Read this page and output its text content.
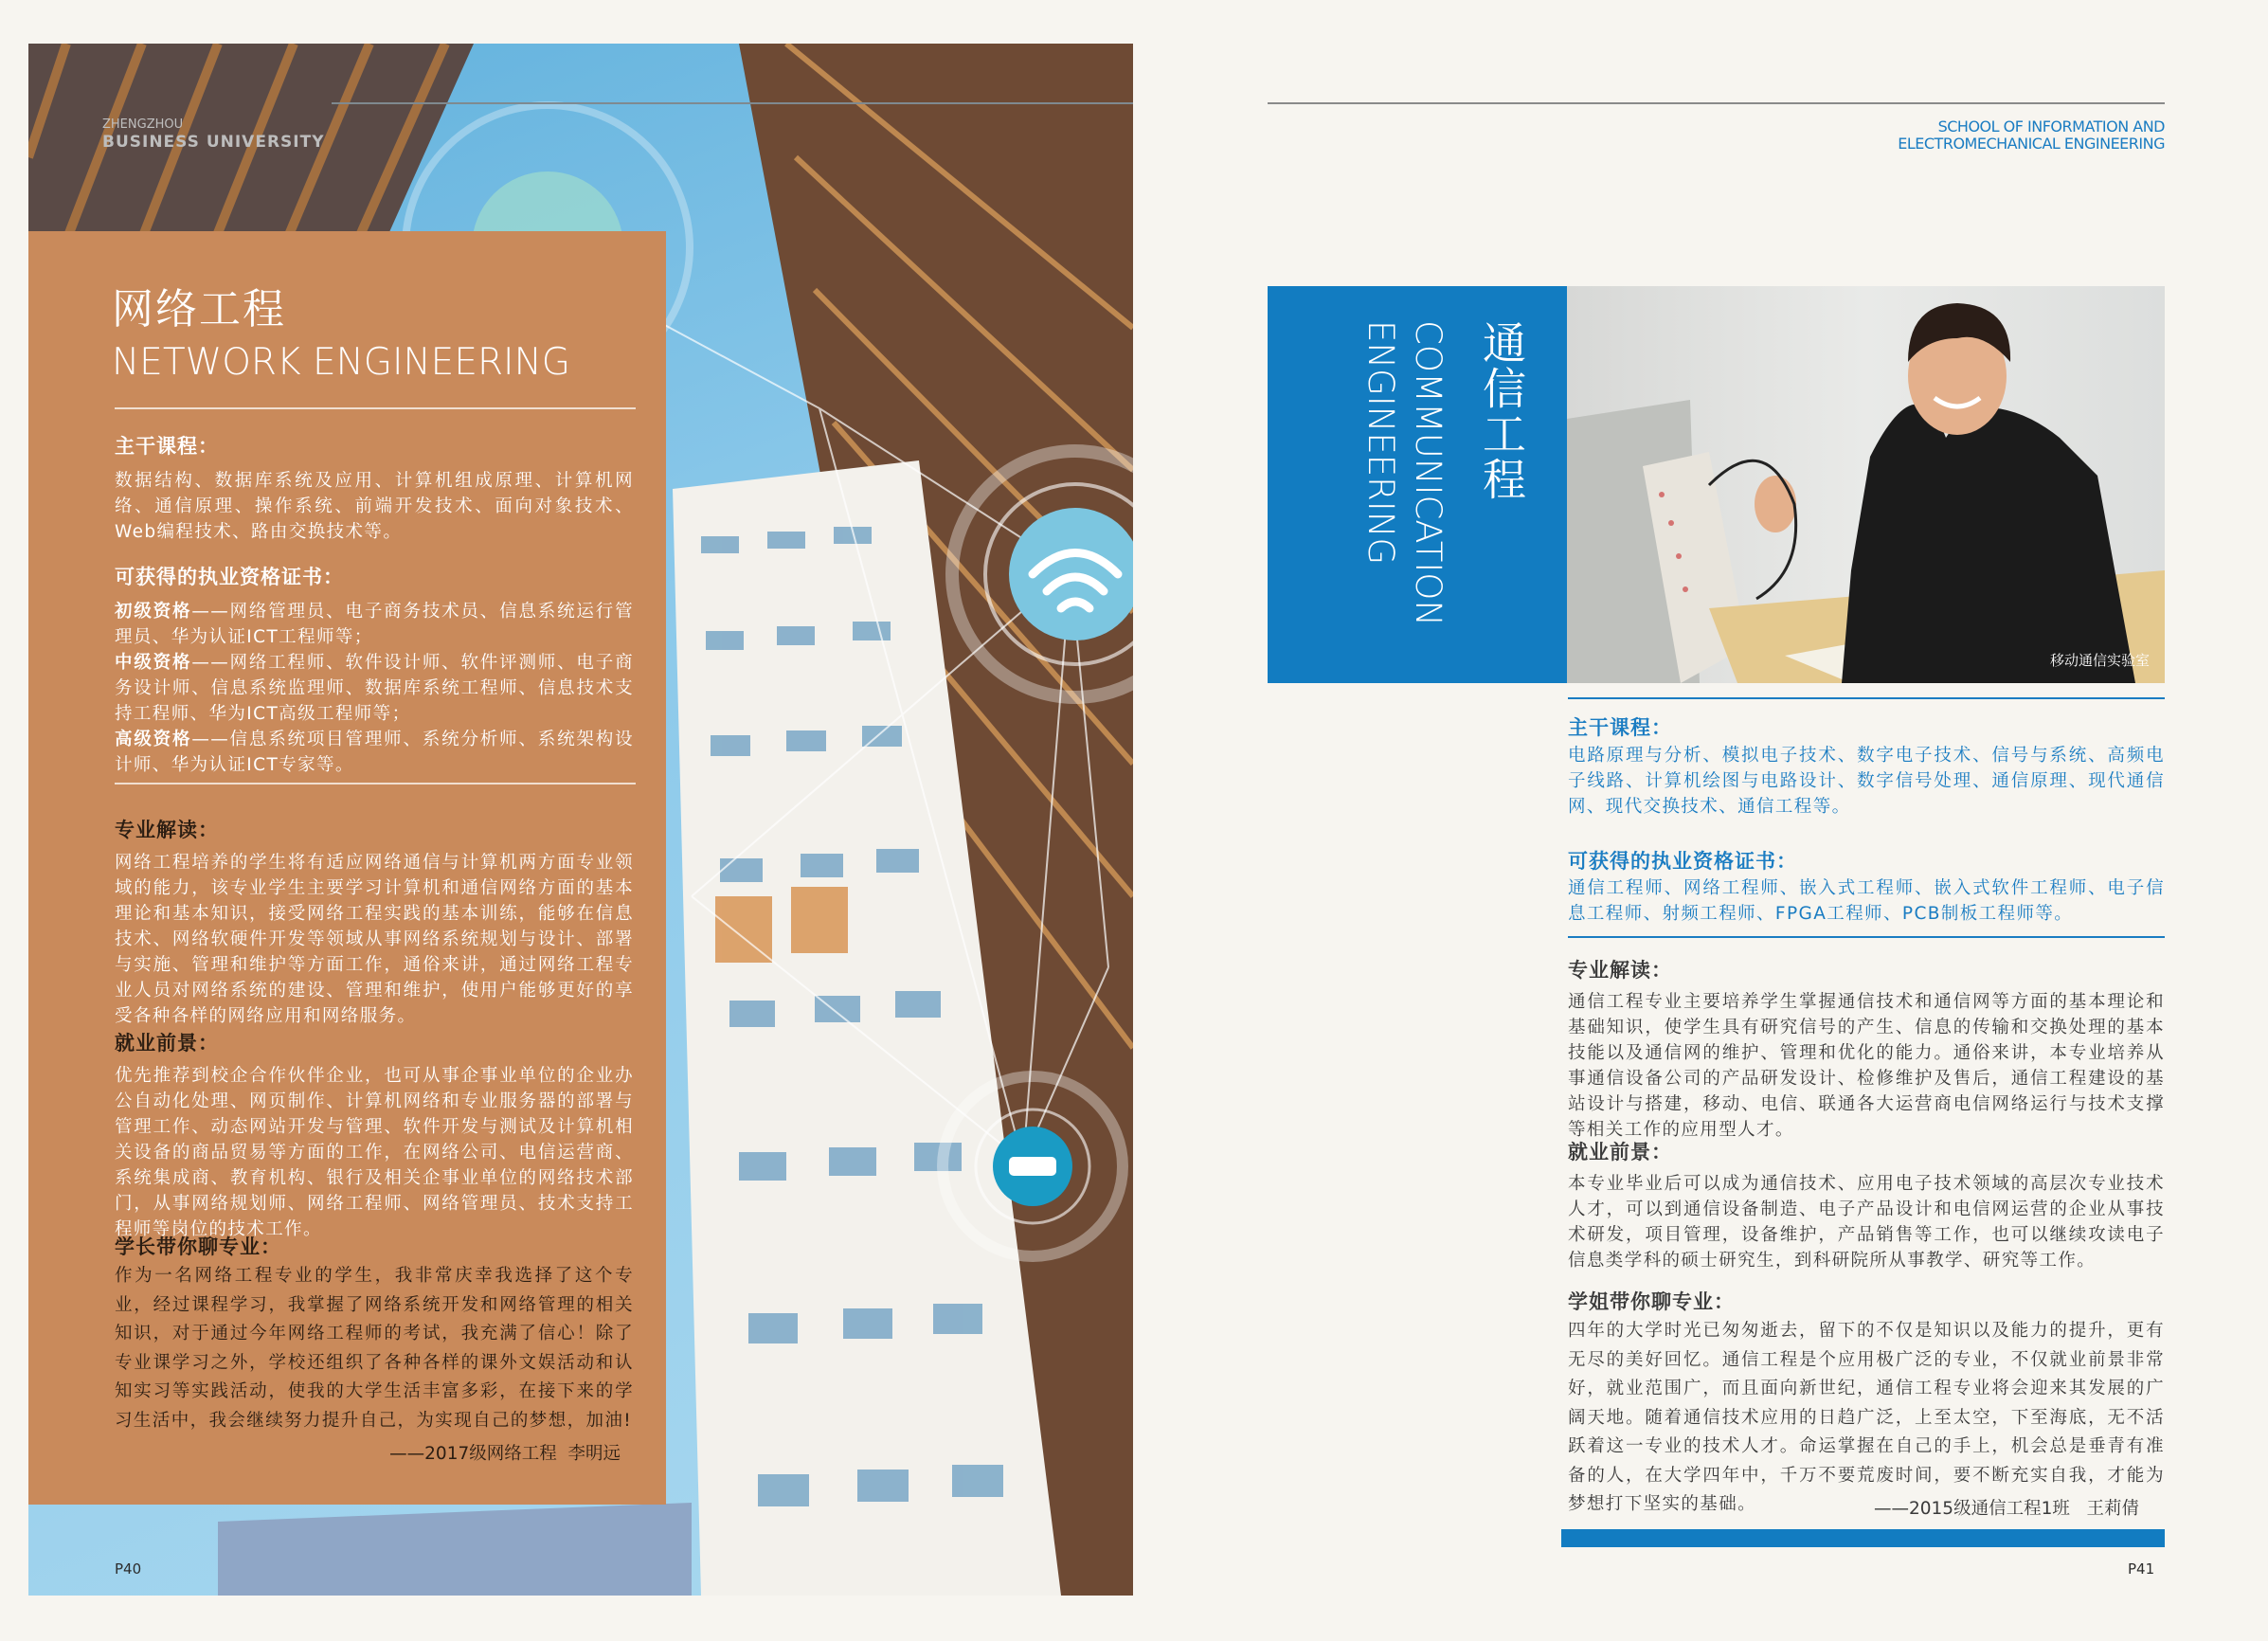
ZHENGZHOU
BUSINESS UNIVERSITY
网络工程
NETWORK ENGINEERING
主干课程：
数据结构、数据库系统及应用、计算机组成原理、计算机网络、通信原理、操作系统、前端开发技术、面向对象技术、Web编程技术、路由交换技术等。
可获得的执业资格证书：
初级资格——网络管理员、电子商务技术员、信息系统运行管理员、华为认证ICT工程师等；
中级资格——网络工程师、软件设计师、软件评测师、电子商务设计师、信息系统监理师、数据库系统工程师、信息技术支持工程师、华为ICT高级工程师等；
高级资格——信息系统项目管理师、系统分析师、系统架构设计师、华为认证ICT专家等。
专业解读：
网络工程培养的学生将有适应网络通信与计算机两方面专业领域的能力，该专业学生主要学习计算机和通信网络方面的基本理论和基本知识，接受网络工程实践的基本训练，能够在信息技术、网络软硬件开发等领域从事网络系统规划与设计、部署与实施、管理和维护等方面工作，通俗来讲，通过网络工程专业人员对网络系统的建设、管理和维护，使用户能够更好的享受各种各样的网络应用和网络服务。
就业前景：
优先推荐到校企合作伙伴企业，也可从事企事业单位的企业办公自动化处理、网页制作、计算机网络和专业服务器的部署与管理工作、动态网站开发与管理、软件开发与测试及计算机相关设备的商品贸易等方面的工作，在网络公司、电信运营商、系统集成商、教育机构、银行及相关企事业单位的网络技术部门，从事网络规划师、网络工程师、网络管理员、技术支持工程师等岗位的技术工作。
学长带你聊专业：
作为一名网络工程专业的学生，我非常庆幸我选择了这个专业，经过课程学习，我掌握了网络系统开发和网络管理的相关知识，对于通过今年网络工程师的考试，我充满了信心！除了专业课学习之外，学校还组织了各种各样的课外文娱活动和认知实习等实践活动，使我的大学生活丰富多彩，在接下来的学习生活中，我会继续努力提升自己，为实现自己的梦想，加油!
——2017级网络工程  李明远
P40
SCHOOL OF INFORMATION AND
ELECTROMECHANICAL ENGINEERING
通信工程
COMMUNICATION
ENGINEERING
移动通信实验室
主干课程：
电路原理与分析、模拟电子技术、数字电子技术、信号与系统、高频电子线路、计算机绘图与电路设计、数字信号处理、通信原理、现代通信网、现代交换技术、通信工程等。
可获得的执业资格证书：
通信工程师、网络工程师、嵌入式工程师、嵌入式软件工程师、电子信息工程师、射频工程师、FPGA工程师、PCB制板工程师等。
专业解读：
通信工程专业主要培养学生掌握通信技术和通信网等方面的基本理论和基础知识，使学生具有研究信号的产生、信息的传输和交换处理的基本技能以及通信网的维护、管理和优化的能力。通俗来讲，本专业培养从事通信设备公司的产品研发设计、检修维护及售后，通信工程建设的基站设计与搭建，移动、电信、联通各大运营商电信网络运行与技术支撑等相关工作的应用型人才。
就业前景：
本专业毕业后可以成为通信技术、应用电子技术领域的高层次专业技术人才，可以到通信设备制造、电子产品设计和电信网运营的企业从事技术研发，项目管理，设备维护，产品销售等工作，也可以继续攻读电子信息类学科的硕士研究生，到科研院所从事教学、研究等工作。
学姐带你聊专业：
四年的大学时光已匆匆逝去，留下的不仅是知识以及能力的提升，更有无尽的美好回忆。通信工程是个应用极广泛的专业，不仅就业前景非常好，就业范围广，而且面向新世纪，通信工程专业将会迎来其发展的广阔天地。随着通信技术应用的日趋广泛，上至太空，下至海底，无不活跃着这一专业的技术人才。命运掌握在自己的手上，机会总是垂青有准备的人，在大学四年中，千万不要荒废时间，要不断充实自我，才能为梦想打下坚实的基础。	——2015级通信工程1班   王莉倩
P41
